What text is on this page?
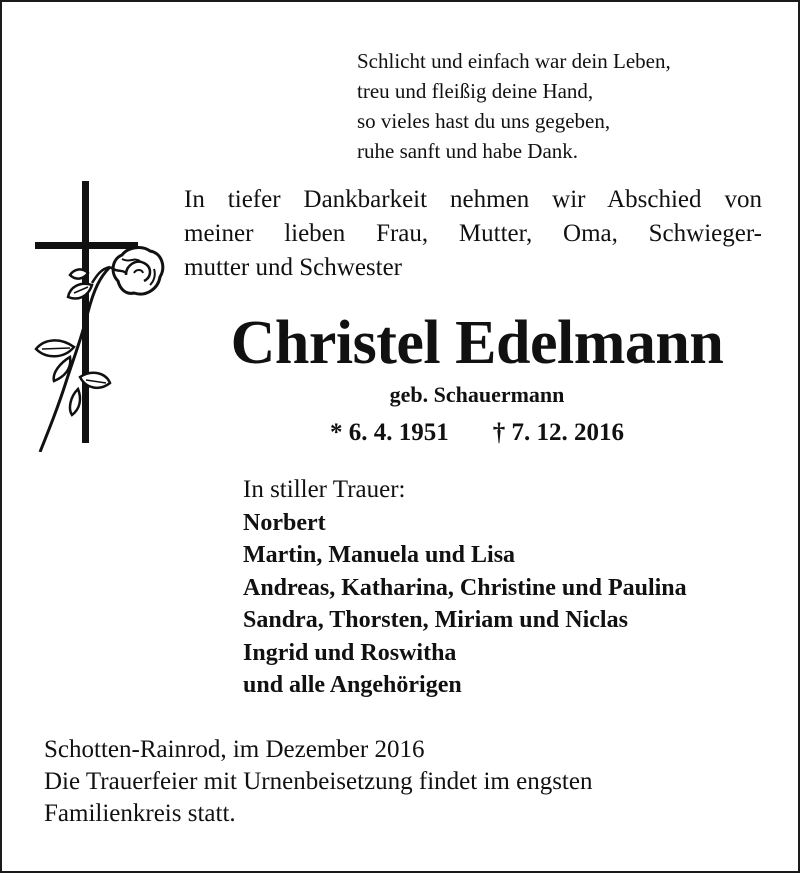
Schlicht und einfach war dein Leben,
treu und fleißig deine Hand,
so vieles hast du uns gegeben,
ruhe sanft und habe Dank.
In tiefer Dankbarkeit nehmen wir Abschied von
meiner lieben Frau, Mutter, Oma, Schwieger-
mutter und Schwester
Christel Edelmann
geb. Schauermann
* 6. 4. 1951 † 7. 12. 2016
In stiller Trauer:
Norbert
Martin, Manuela und Lisa
Andreas, Katharina, Christine und Paulina
Sandra, Thorsten, Miriam und Niclas
Ingrid und Roswitha
und alle Angehörigen
Schotten-Rainrod, im Dezember 2016
Die Trauerfeier mit Urnenbeisetzung findet im engsten
Familienkreis statt.
